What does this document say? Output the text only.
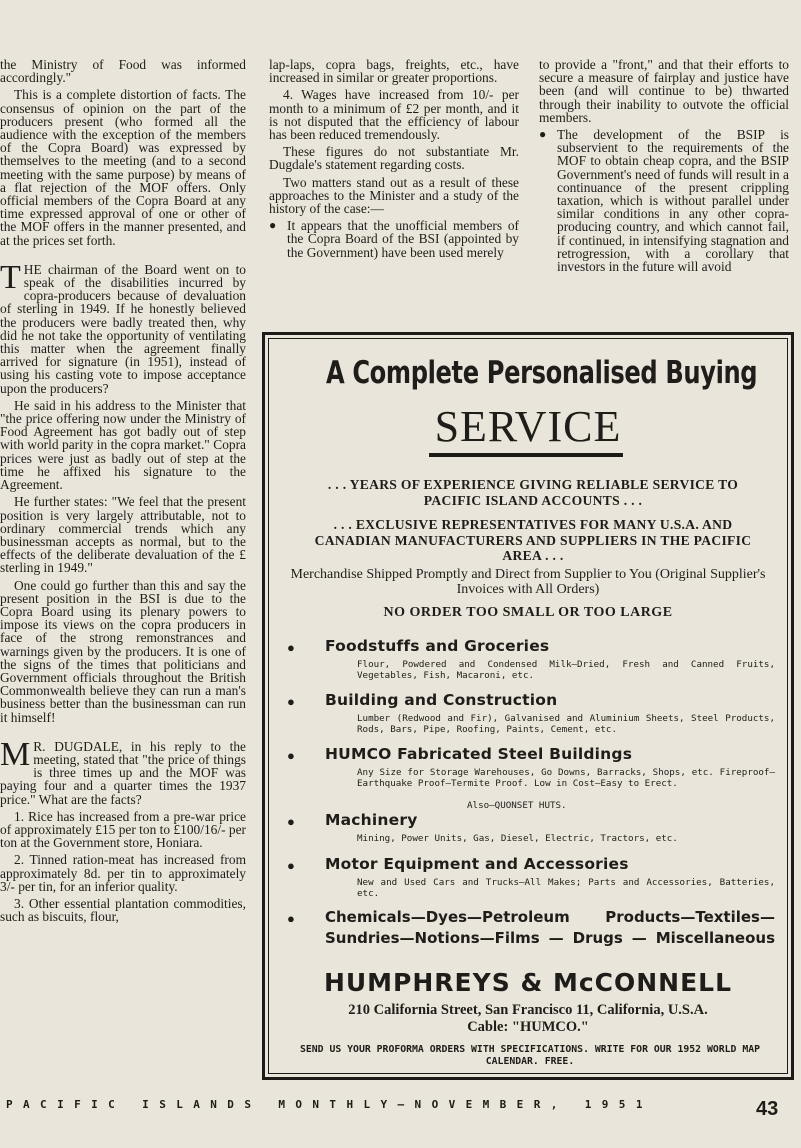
the Ministry of Food was informed accordingly."

This is a complete distortion of facts. The consensus of opinion on the part of the producers present (who formed all the audience with the exception of the members of the Copra Board) was expressed by themselves to the meeting (and to a second meeting with the same purpose) by means of a flat rejection of the MOF offers. Only official members of the Copra Board at any time expressed approval of one or other of the MOF offers in the manner presented, and at the prices set forth.

THE chairman of the Board went on to speak of the disabilities incurred by copra-producers because of devaluation of sterling in 1949. If he honestly believed the producers were badly treated then, why did he not take the opportunity of ventilating this matter when the agreement finally arrived for signature (in 1951), instead of using his casting vote to impose acceptance upon the producers?

He said in his address to the Minister that "the price offering now under the Ministry of Food Agreement has got badly out of step with world parity in the copra market." Copra prices were just as badly out of step at the time he affixed his signature to the Agreement.

He further states: "We feel that the present position is very largely attributable, not to ordinary commercial trends which any businessman accepts as normal, but to the effects of the deliberate devaluation of the £ sterling in 1949."

One could go further than this and say the present position in the BSI is due to the Copra Board using its plenary powers to impose its views on the copra producers in face of the strong remonstrances and warnings given by the producers. It is one of the signs of the times that politicians and Government officials throughout the British Commonwealth believe they can run a man's business better than the businessman can run it himself!

M R. DUGDALE, in his reply to the meeting, stated that "the price of things is three times up and the MOF was paying four and a quarter times the 1937 price." What are the facts?

1. Rice has increased from a pre-war price of approximately £15 per ton to £100/16/- per ton at the Government store, Honiara.

2. Tinned ration-meat has increased from approximately 8d. per tin to approximately 3/- per tin, for an inferior quality.

3. Other essential plantation commodities, such as biscuits, flour,

lap-laps, copra bags, freights, etc., have increased in similar or greater proportions.

4. Wages have increased from 10/- per month to a minimum of £2 per month, and it is not disputed that the efficiency of labour has been reduced tremendously.

These figures do not substantiate Mr. Dugdale's statement regarding costs.

Two matters stand out as a result of these approaches to the Minister and a study of the history of the case:—

● It appears that the unofficial members of the Copra Board of the BSI (appointed by the Government) have been used merely

to provide a "front," and that their efforts to secure a measure of fairplay and justice have been (and will continue to be) thwarted through their inability to outvote the official members.

● The development of the BSIP is subservient to the requirements of the MOF to obtain cheap copra, and the BSIP Government's need of funds will result in a continuance of the present crippling taxation, which is without parallel under similar conditions in any other copra-producing country, and which cannot fail, if continued, in intensifying stagnation and retrogression, with a corollary that investors in the future will avoid

A Complete Personalised Buying
SERVICE
. . . YEARS OF EXPERIENCE GIVING RELIABLE SERVICE TO PACIFIC ISLAND ACCOUNTS . . .
. . . EXCLUSIVE REPRESENTATIVES FOR MANY U.S.A. AND CANADIAN MANUFACTURERS AND SUPPLIERS IN THE PACIFIC AREA . . .
Merchandise Shipped Promptly and Direct from Supplier to You (Original Supplier's Invoices with All Orders)
NO ORDER TOO SMALL OR TOO LARGE
● Foodstuffs and Groceries
Flour, Powdered and Condensed Milk—Dried, Fresh and Canned Fruits, Vegetables, Fish, Macaroni, etc.
● Building and Construction
Lumber (Redwood and Fir), Galvanised and Aluminium Sheets, Steel Products, Rods, Bars, Pipe, Roofing, Paints, Cement, etc.
● HUMCO Fabricated Steel Buildings
Any Size for Storage Warehouses, Go Downs, Barracks, Shops, etc. Fireproof—Earthquake Proof—Termite Proof. Low in Cost—Easy to Erect.
Also—QUONSET HUTS.
● Machinery
Mining, Power Units, Gas, Diesel, Electric, Tractors, etc.
● Motor Equipment and Accessories
New and Used Cars and Trucks—All Makes; Parts and Accessories, Batteries, etc.
● Chemicals—Dyes—Petroleum Products—Textiles— Sundries—Notions—Films — Drugs — Miscellaneous
HUMPHREYS & McCONNELL
210 California Street, San Francisco 11, California, U.S.A.
Cable: "HUMCO."
SEND US YOUR PROFORMA ORDERS WITH SPECIFICATIONS. WRITE FOR OUR 1952 WORLD MAP CALENDAR. FREE.
PACIFIC ISLANDS MONTHLY—NOVEMBER, 1951	43
